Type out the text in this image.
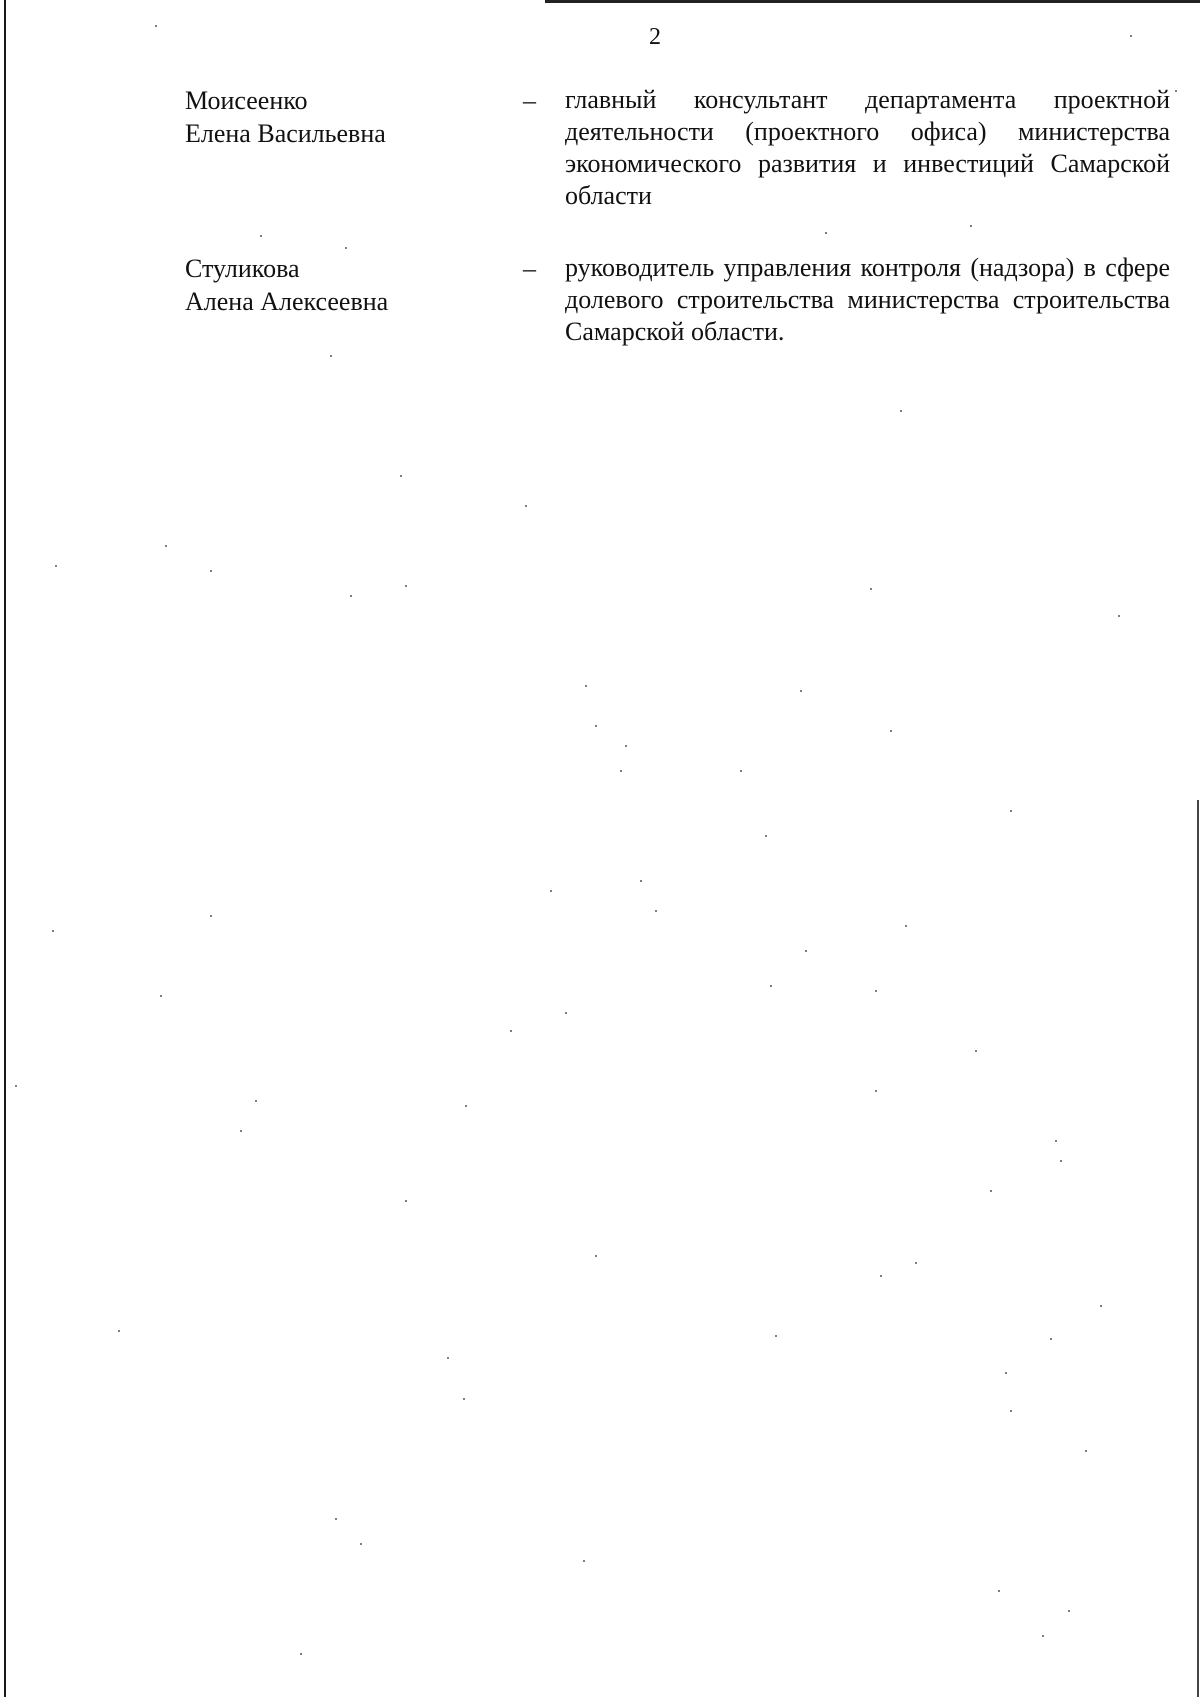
2
Моисеенко
Елена Васильевна
– главный консультант департамента проектной деятельности (проектного офиса) министерства экономического развития и инвестиций Самарской области
Стуликова
Алена Алексеевна
– руководитель управления контроля (надзора) в сфере долевого строительства министерства строительства Самарской области.
